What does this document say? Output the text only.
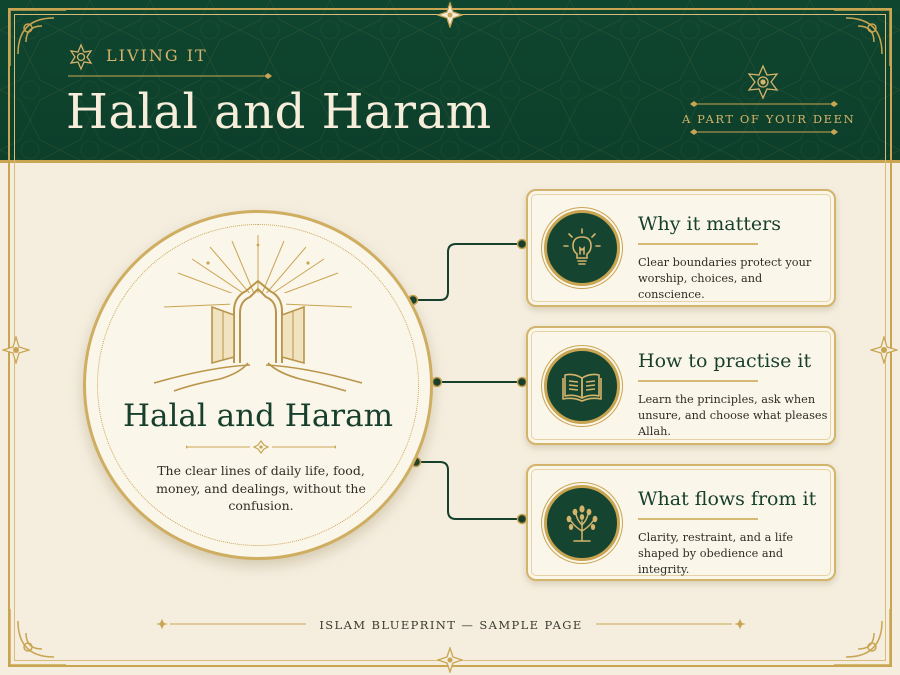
LIVING IT
Halal and Haram	A PART OF YOUR DEEN
Halal and Haram
The clear lines of daily life, food, money, and dealings, without the confusion.
Why it matters
Clear boundaries protect your worship, choices, and conscience.
How to practise it
Learn the principles, ask when unsure, and choose what pleases Allah.
What flows from it
Clarity, restraint, and a life shaped by obedience and integrity.
ISLAM BLUEPRINT — SAMPLE PAGE
